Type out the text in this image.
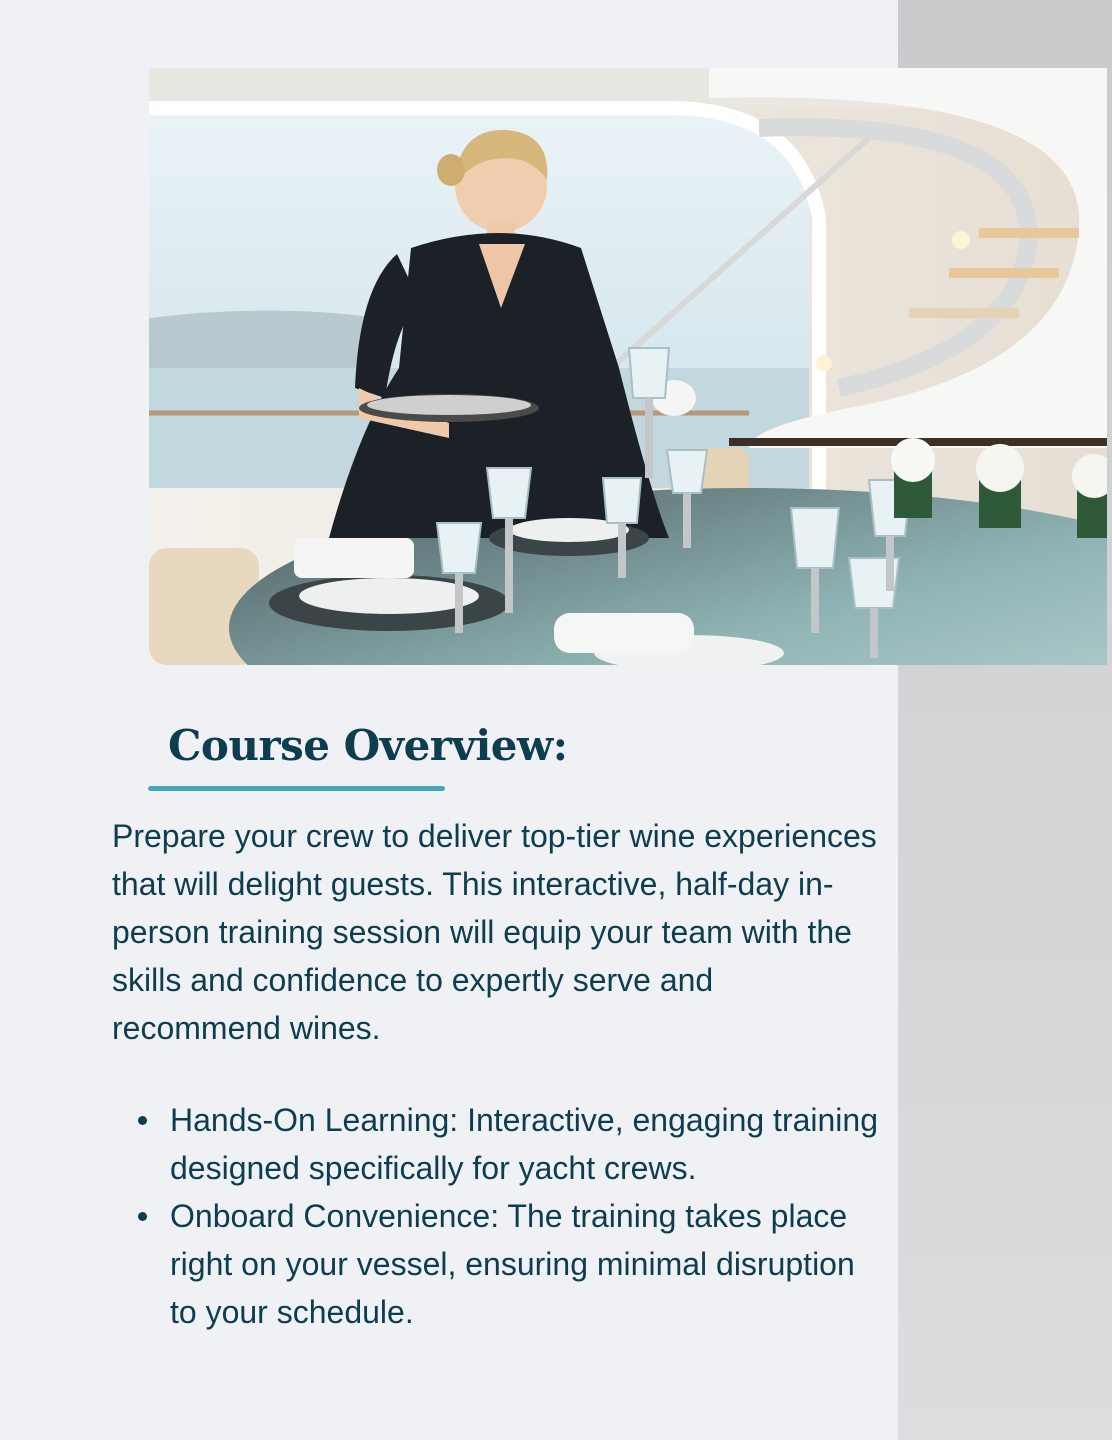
Course Overview:

Prepare your crew to deliver top-tier wine experiences that will delight guests. This interactive, half-day in-person training session will equip your team with the skills and confidence to expertly serve and recommend wines.

Hands-On Learning: Interactive, engaging training designed specifically for yacht crews.
Onboard Convenience: The training takes place right on your vessel, ensuring minimal disruption to your schedule.
